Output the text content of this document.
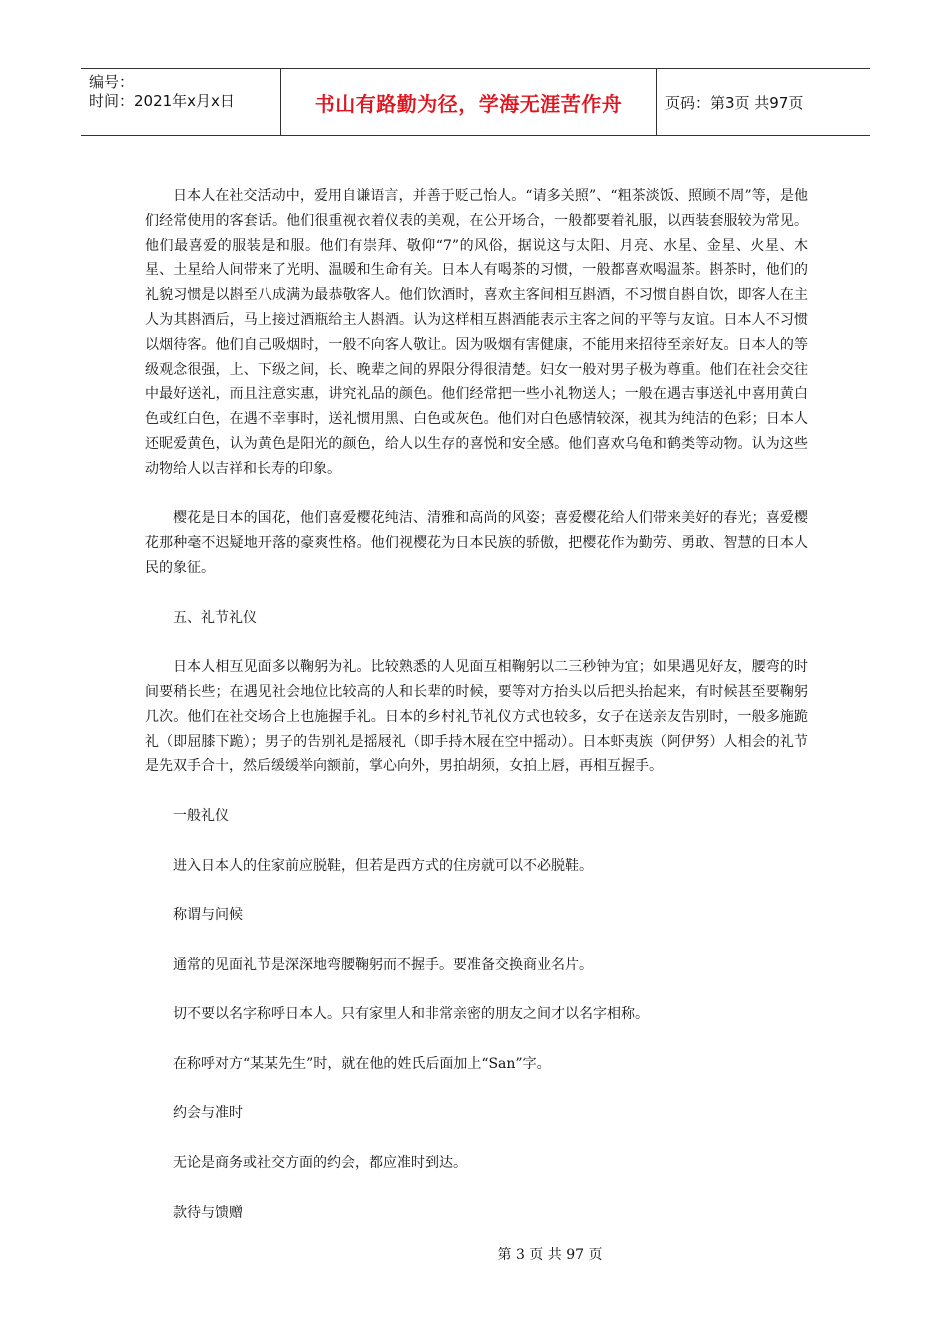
编号：
时间：2021年x月x日	书山有路勤为径，学海无涯苦作舟	页码：第3页 共97页

日本人在社交活动中，爱用自谦语言，并善于贬己怡人。“请多关照”、“粗茶淡饭、照顾不周”等，是他们经常使用的客套话。他们很重视衣着仪表的美观，在公开场合，一般都要着礼服，以西装套服较为常见。他们最喜爱的服装是和服。他们有崇拜、敬仰“7”的风俗，据说这与太阳、月亮、水星、金星、火星、木星、土星给人间带来了光明、温暖和生命有关。日本人有喝茶的习惯，一般都喜欢喝温茶。斟茶时，他们的礼貌习惯是以斟至八成满为最恭敬客人。他们饮酒时，喜欢主客间相互斟酒，不习惯自斟自饮，即客人在主人为其斟酒后，马上接过酒瓶给主人斟酒。认为这样相互斟酒能表示主客之间的平等与友谊。日本人不习惯以烟待客。他们自己吸烟时，一般不向客人敬让。因为吸烟有害健康，不能用来招待至亲好友。日本人的等级观念很强，上、下级之间，长、晚辈之间的界限分得很清楚。妇女一般对男子极为尊重。他们在社会交往中最好送礼，而且注意实惠，讲究礼品的颜色。他们经常把一些小礼物送人；一般在遇吉事送礼中喜用黄白色或红白色，在遇不幸事时，送礼惯用黑、白色或灰色。他们对白色感情较深，视其为纯洁的色彩；日本人还昵爱黄色，认为黄色是阳光的颜色，给人以生存的喜悦和安全感。他们喜欢乌龟和鹤类等动物。认为这些动物给人以吉祥和长寿的印象。

樱花是日本的国花，他们喜爱樱花纯洁、清雅和高尚的风姿；喜爱樱花给人们带来美好的春光；喜爱樱花那种毫不迟疑地开落的豪爽性格。他们视樱花为日本民族的骄傲，把樱花作为勤劳、勇敢、智慧的日本人民的象征。

五、礼节礼仪

日本人相互见面多以鞠躬为礼。比较熟悉的人见面互相鞠躬以二三秒钟为宜；如果遇见好友，腰弯的时间要稍长些；在遇见社会地位比较高的人和长辈的时候，要等对方抬头以后把头抬起来，有时候甚至要鞠躬几次。他们在社交场合上也施握手礼。日本的乡村礼节礼仪方式也较多，女子在送亲友告别时，一般多施跪礼（即屈膝下跪）；男子的告别礼是摇屐礼（即手持木屐在空中摇动）。日本虾夷族（阿伊努）人相会的礼节是先双手合十，然后缓缓举向额前，掌心向外，男拍胡须，女拍上唇，再相互握手。

一般礼仪

进入日本人的住家前应脱鞋，但若是西方式的住房就可以不必脱鞋。

称谓与问候

通常的见面礼节是深深地弯腰鞠躬而不握手。要准备交换商业名片。

切不要以名字称呼日本人。只有家里人和非常亲密的朋友之间才以名字相称。

在称呼对方“某某先生”时，就在他的姓氏后面加上“San”字。

约会与准时

无论是商务或社交方面的约会，都应准时到达。

款待与馈赠

第 3 页 共 97 页
